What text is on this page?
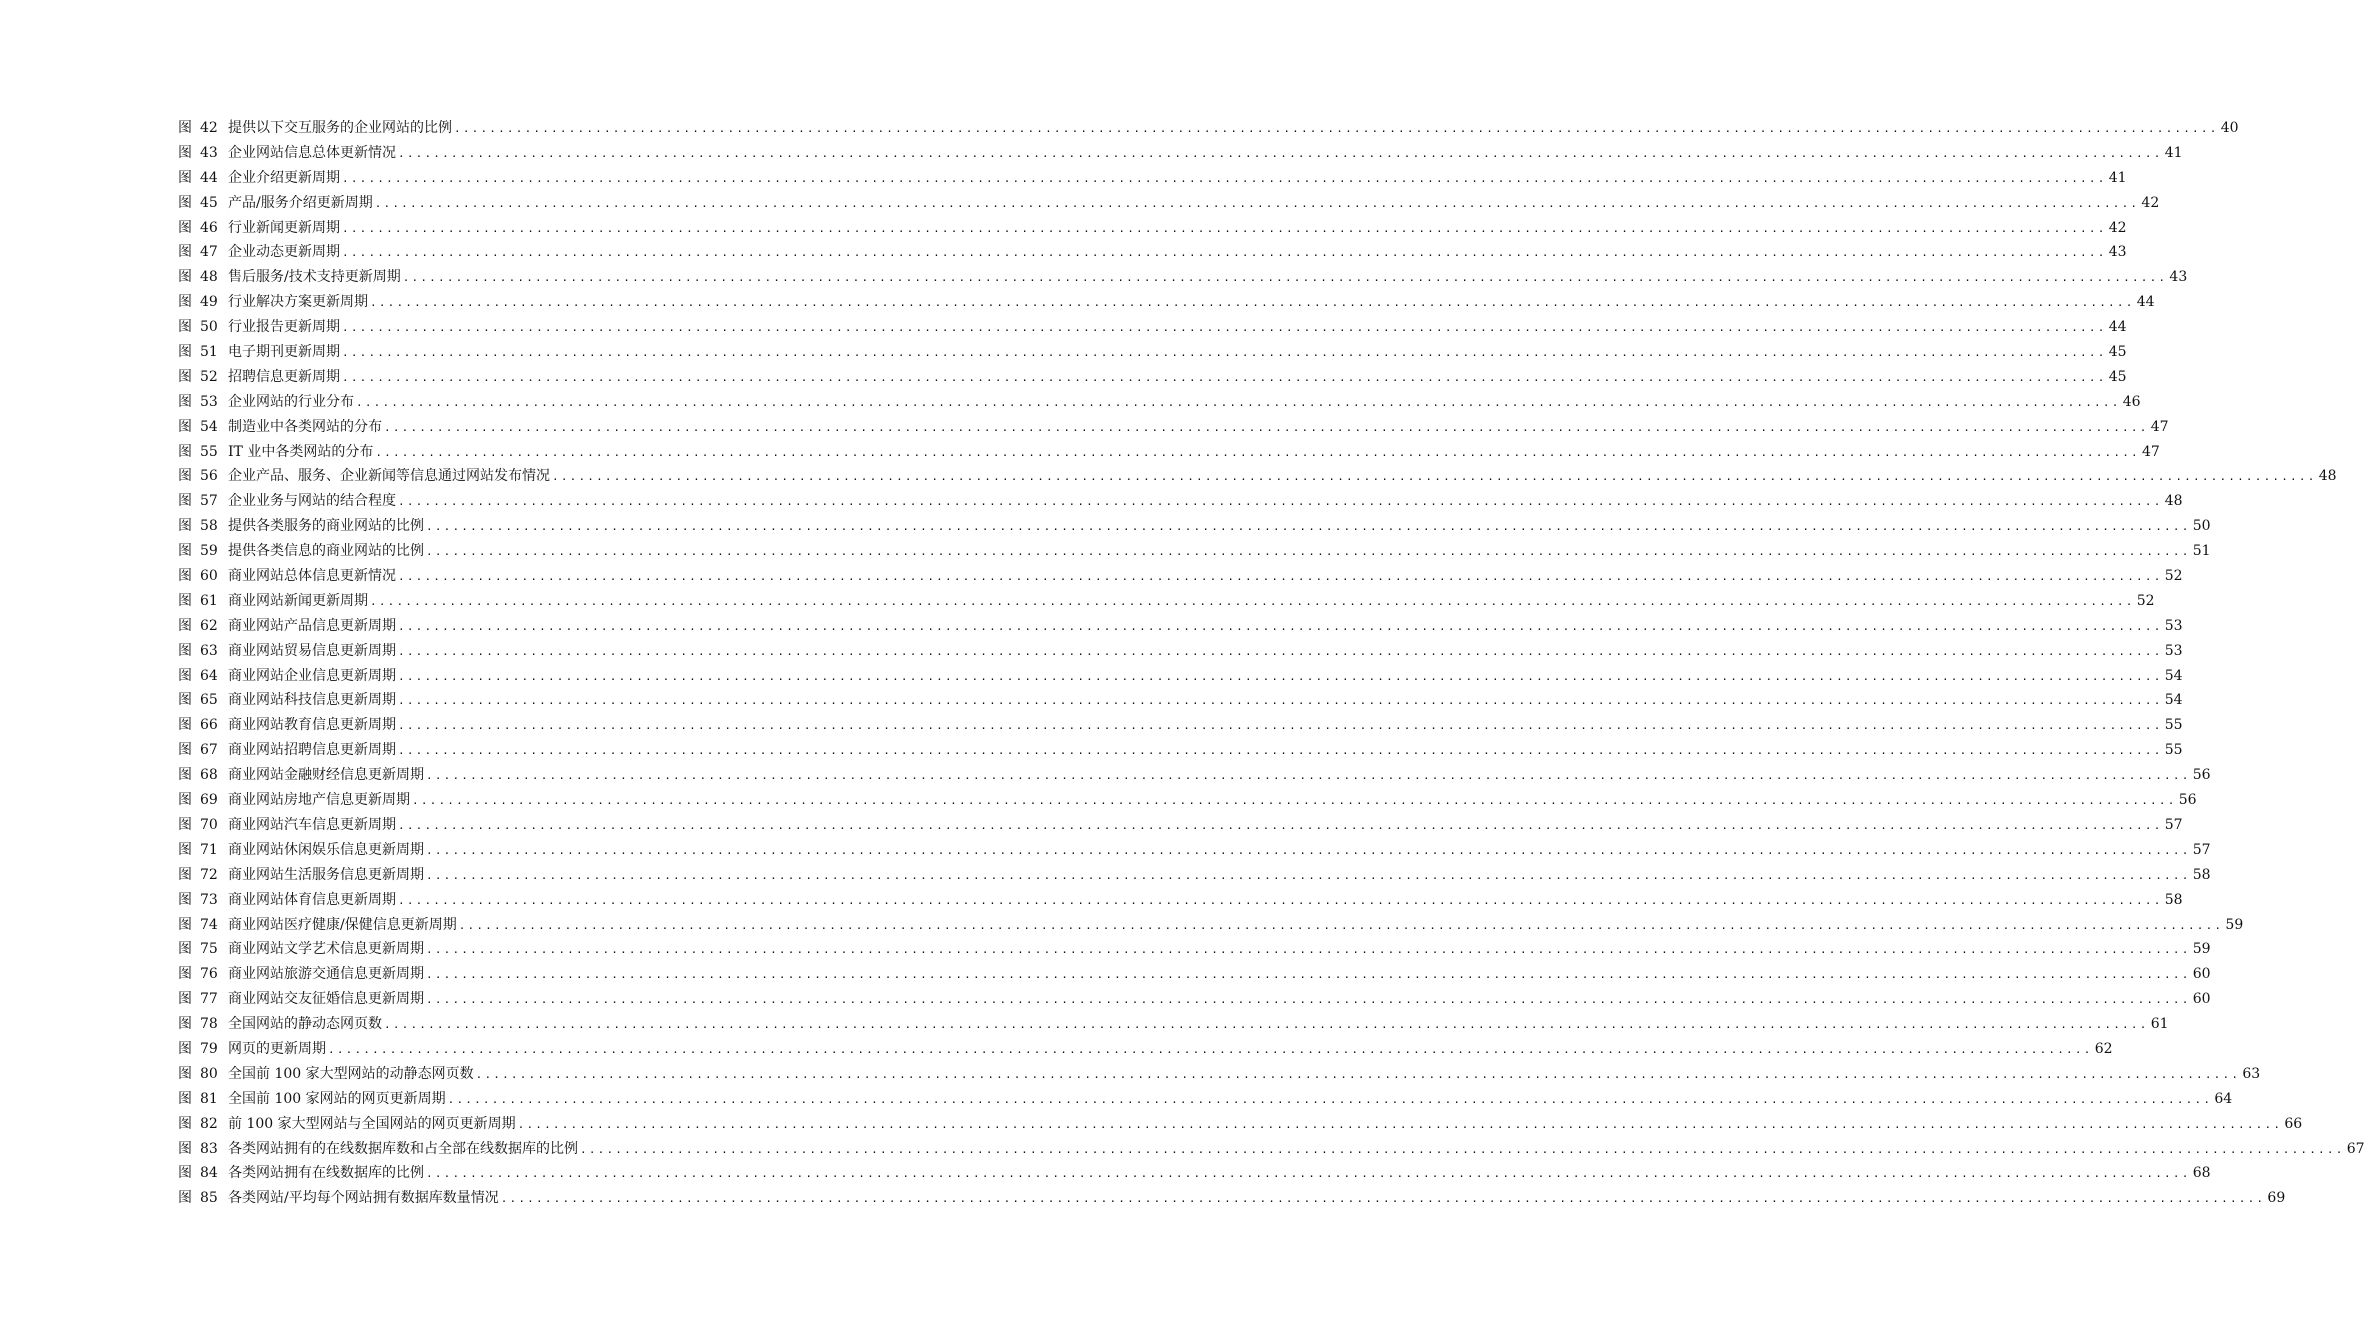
图 42 提供以下交互服务的企业网站的比例 ........................................................................................................................................................................................................ 40
图 43 企业网站信息总体更新情况 ........................................................................................................................................................................................................ 41
图 44 企业介绍更新周期 ........................................................................................................................................................................................................ 41
图 45 产品/服务介绍更新周期 ........................................................................................................................................................................................................ 42
图 46 行业新闻更新周期 ........................................................................................................................................................................................................ 42
图 47 企业动态更新周期 ........................................................................................................................................................................................................ 43
图 48 售后服务/技术支持更新周期 ........................................................................................................................................................................................................ 43
图 49 行业解决方案更新周期 ........................................................................................................................................................................................................ 44
图 50 行业报告更新周期 ........................................................................................................................................................................................................ 44
图 51 电子期刊更新周期 ........................................................................................................................................................................................................ 45
图 52 招聘信息更新周期 ........................................................................................................................................................................................................ 45
图 53 企业网站的行业分布 ........................................................................................................................................................................................................ 46
图 54 制造业中各类网站的分布 ........................................................................................................................................................................................................ 47
图 55 IT 业中各类网站的分布 ........................................................................................................................................................................................................ 47
图 56 企业产品、服务、企业新闻等信息通过网站发布情况 ........................................................................................................................................................................................................ 48
图 57 企业业务与网站的结合程度 ........................................................................................................................................................................................................ 48
图 58 提供各类服务的商业网站的比例 ........................................................................................................................................................................................................ 50
图 59 提供各类信息的商业网站的比例 ........................................................................................................................................................................................................ 51
图 60 商业网站总体信息更新情况 ........................................................................................................................................................................................................ 52
图 61 商业网站新闻更新周期 ........................................................................................................................................................................................................ 52
图 62 商业网站产品信息更新周期 ........................................................................................................................................................................................................ 53
图 63 商业网站贸易信息更新周期 ........................................................................................................................................................................................................ 53
图 64 商业网站企业信息更新周期 ........................................................................................................................................................................................................ 54
图 65 商业网站科技信息更新周期 ........................................................................................................................................................................................................ 54
图 66 商业网站教育信息更新周期 ........................................................................................................................................................................................................ 55
图 67 商业网站招聘信息更新周期 ........................................................................................................................................................................................................ 55
图 68 商业网站金融财经信息更新周期 ........................................................................................................................................................................................................ 56
图 69 商业网站房地产信息更新周期 ........................................................................................................................................................................................................ 56
图 70 商业网站汽车信息更新周期 ........................................................................................................................................................................................................ 57
图 71 商业网站休闲娱乐信息更新周期 ........................................................................................................................................................................................................ 57
图 72 商业网站生活服务信息更新周期 ........................................................................................................................................................................................................ 58
图 73 商业网站体育信息更新周期 ........................................................................................................................................................................................................ 58
图 74 商业网站医疗健康/保健信息更新周期 ........................................................................................................................................................................................................ 59
图 75 商业网站文学艺术信息更新周期 ........................................................................................................................................................................................................ 59
图 76 商业网站旅游交通信息更新周期 ........................................................................................................................................................................................................ 60
图 77 商业网站交友征婚信息更新周期 ........................................................................................................................................................................................................ 60
图 78 全国网站的静动态网页数 ........................................................................................................................................................................................................ 61
图 79 网页的更新周期 ........................................................................................................................................................................................................ 62
图 80 全国前 100 家大型网站的动静态网页数 ........................................................................................................................................................................................................ 63
图 81 全国前 100 家网站的网页更新周期 ........................................................................................................................................................................................................ 64
图 82 前 100 家大型网站与全国网站的网页更新周期 ........................................................................................................................................................................................................ 66
图 83 各类网站拥有的在线数据库数和占全部在线数据库的比例 ........................................................................................................................................................................................................ 67
图 84 各类网站拥有在线数据库的比例 ........................................................................................................................................................................................................ 68
图 85 各类网站/平均每个网站拥有数据库数量情况 ........................................................................................................................................................................................................ 69
